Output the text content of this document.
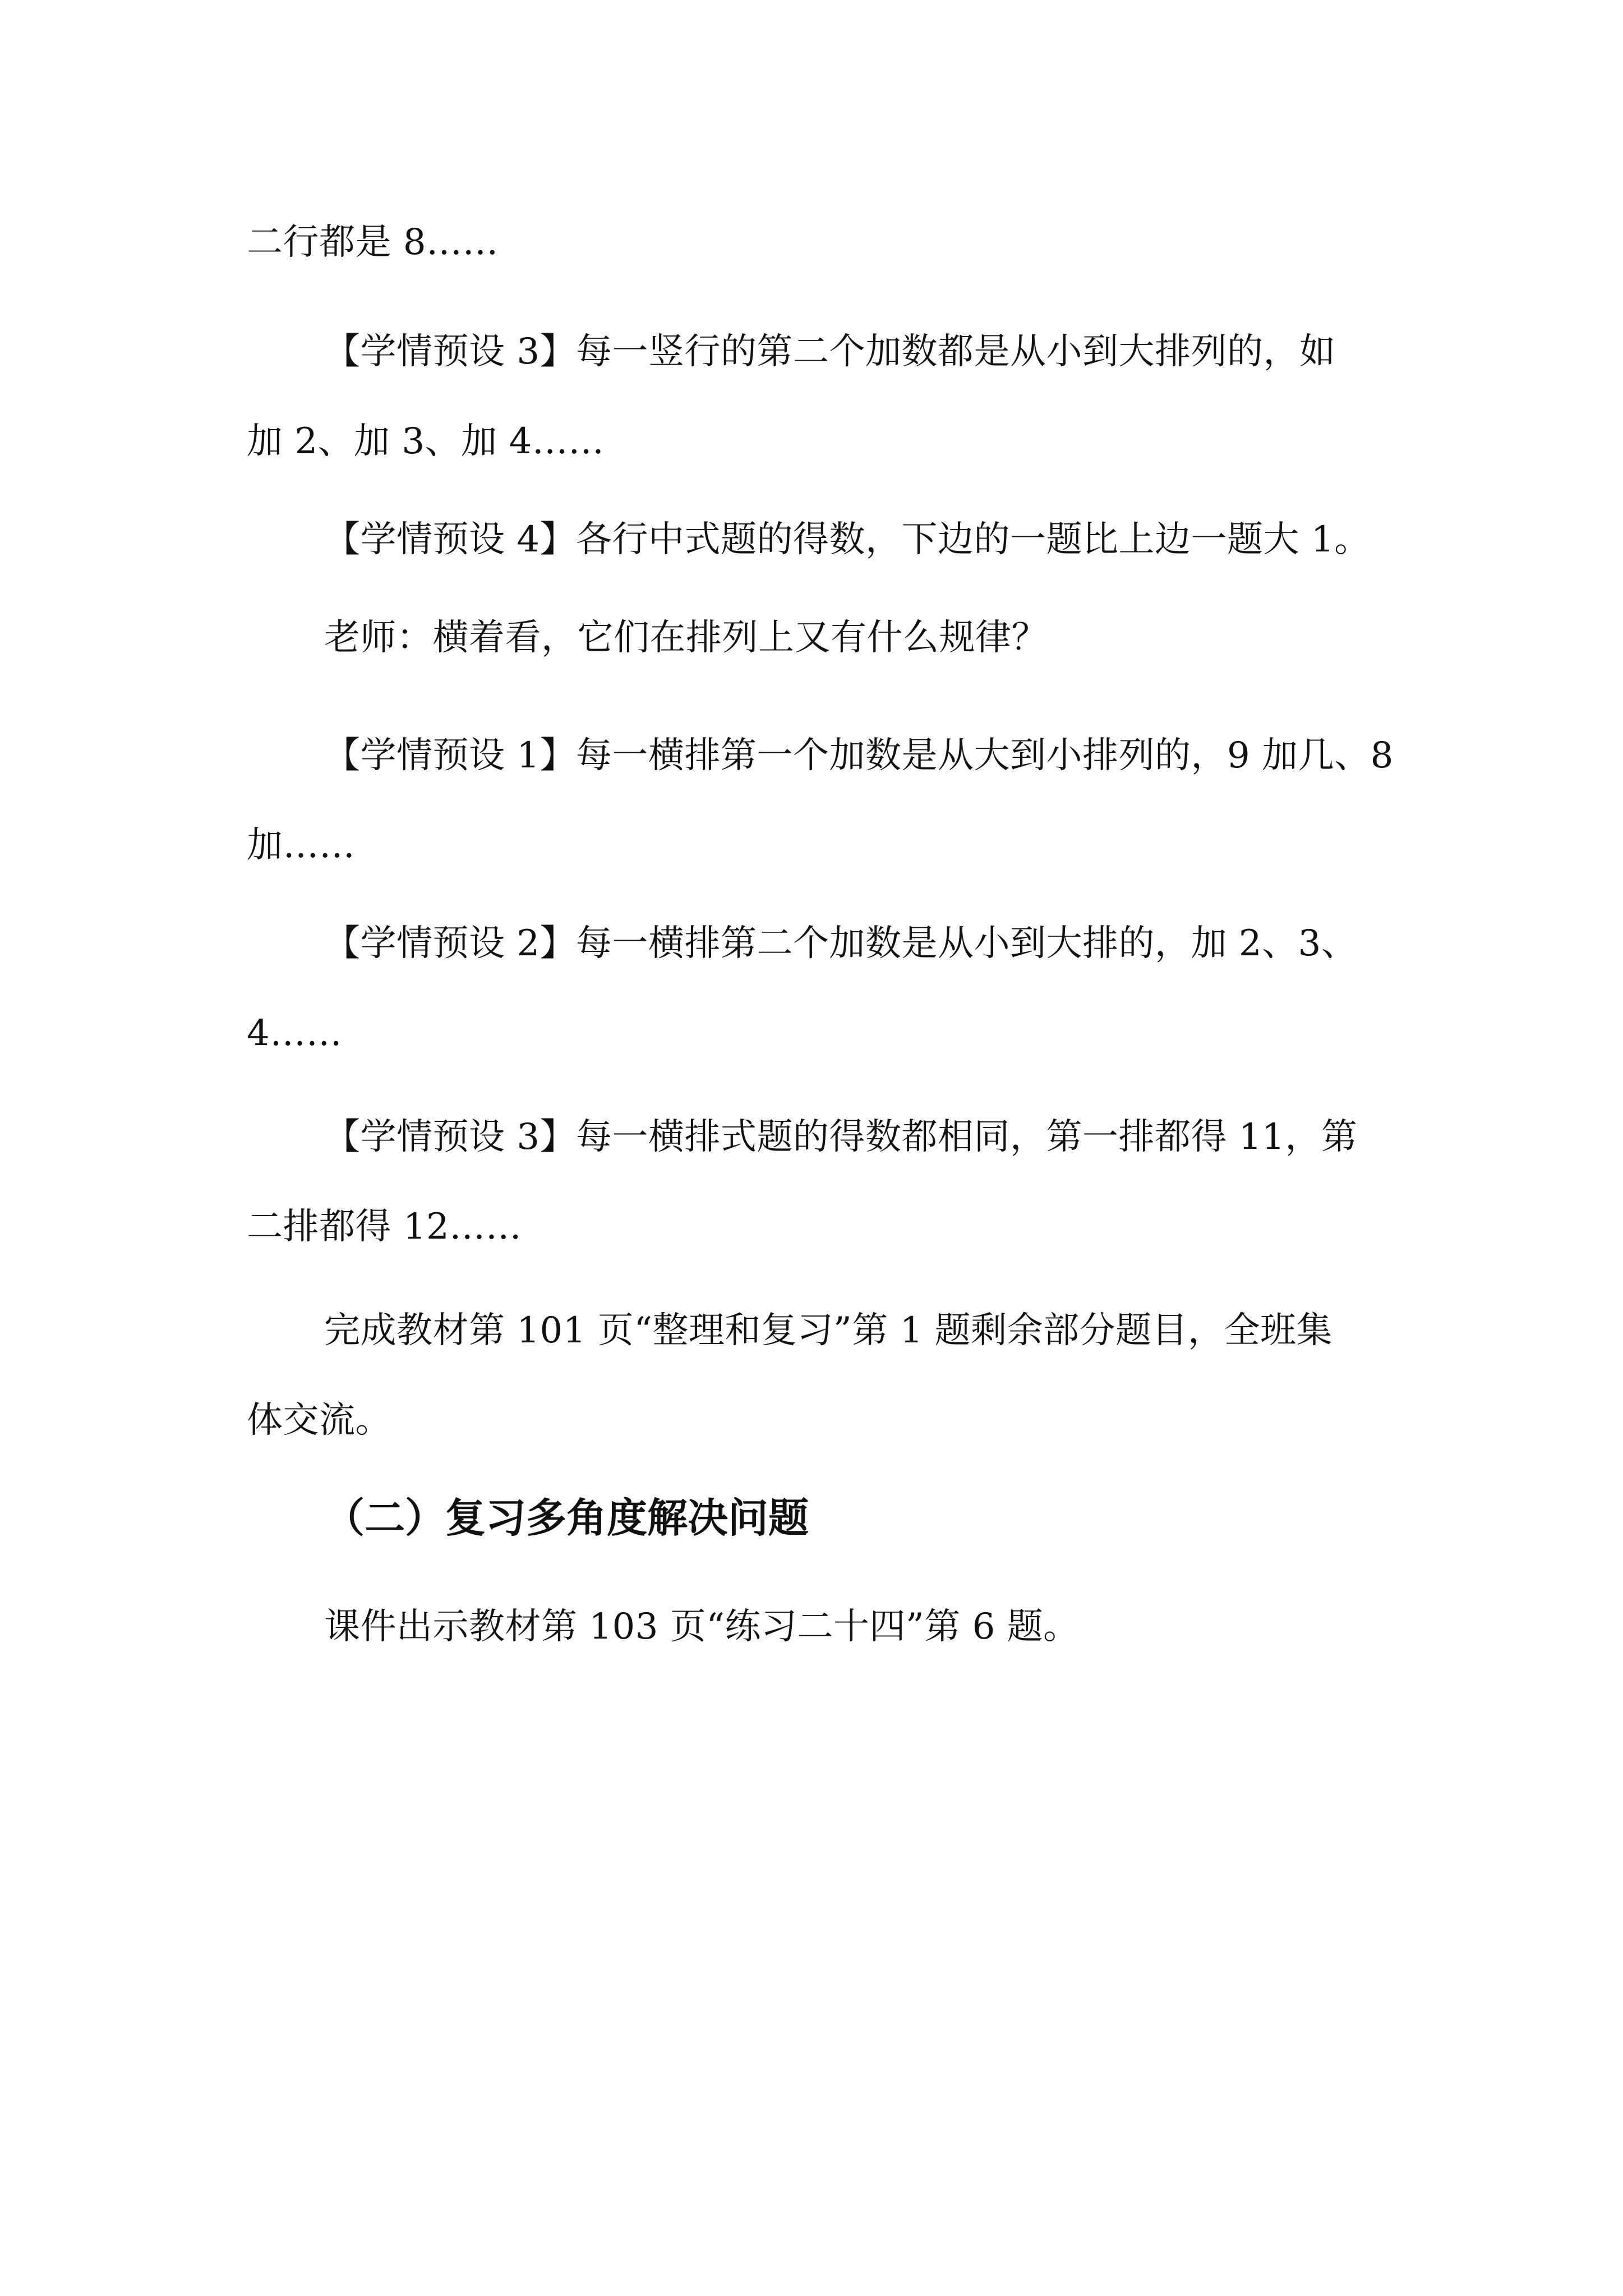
二行都是 8……
【学情预设 3】每一竖行的第二个加数都是从小到大排列的，如
加 2、加 3、加 4……
【学情预设 4】各行中式题的得数，下边的一题比上边一题大 1。
老师：横着看，它们在排列上又有什么规律？
【学情预设 1】每一横排第一个加数是从大到小排列的，9 加几、8
加……
【学情预设 2】每一横排第二个加数是从小到大排的，加 2、3、
4……
【学情预设 3】每一横排式题的得数都相同，第一排都得 11，第
二排都得 12……
完成教材第 101 页“整理和复习”第 1 题剩余部分题目，全班集
体交流。
（二）复习多角度解决问题
课件出示教材第 103 页“练习二十四”第 6 题。
